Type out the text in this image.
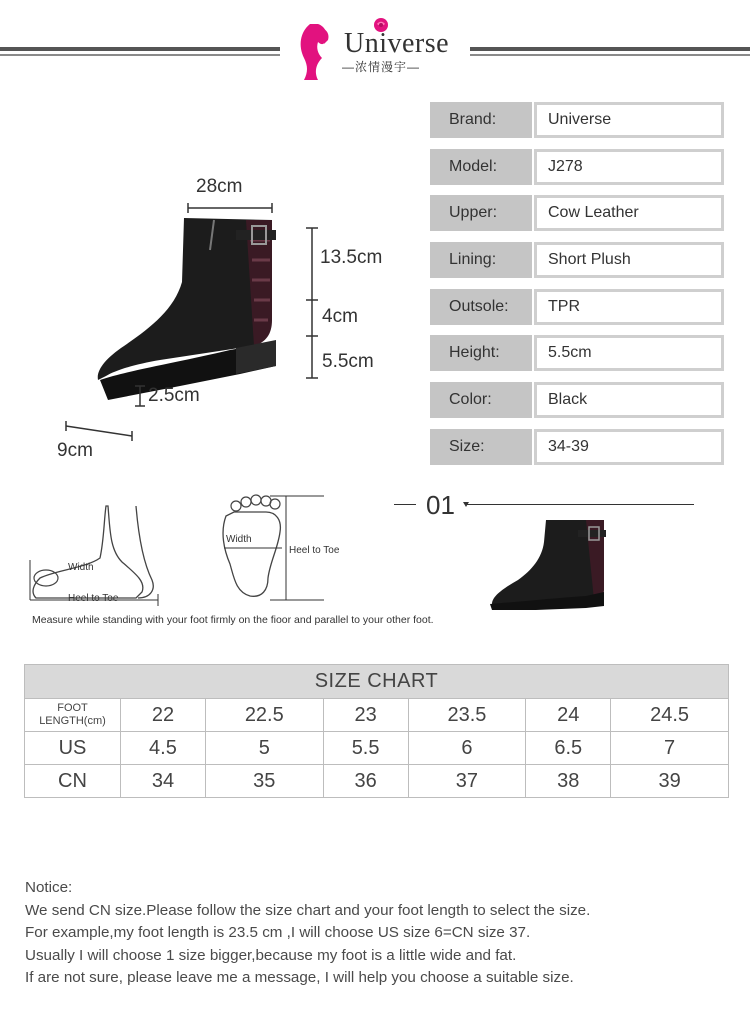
Universe
—浓情漫宇—
28cm
13.5cm
4cm
5.5cm
2.5cm
9cm
Brand:	Universe
Model:	J278
Upper:	Cow Leather
Lining:	Short Plush
Outsole:	TPR
Height:	5.5cm
Color:	Black
Size:	34-39
Width
Heel to Toe
Width
Heel to Toe
Measure while standing with your foot firmly on the fioor and parallel to your other foot.
01
SIZE CHART						

FOOT
LENGTH(cm)	22	22.5	23	23.5	24	24.5
US	4.5	5	5.5	6	6.5	7
CN	34	35	36	37	38	39
Notice:
We send CN size.Please follow the size chart and your foot length to select the size.
For example,my foot length is 23.5 cm ,I will choose US size 6=CN size 37.
Usually I will choose 1 size bigger,because my foot is a little wide and fat.
If are not sure, please leave me a message, I will help you choose a suitable size.
